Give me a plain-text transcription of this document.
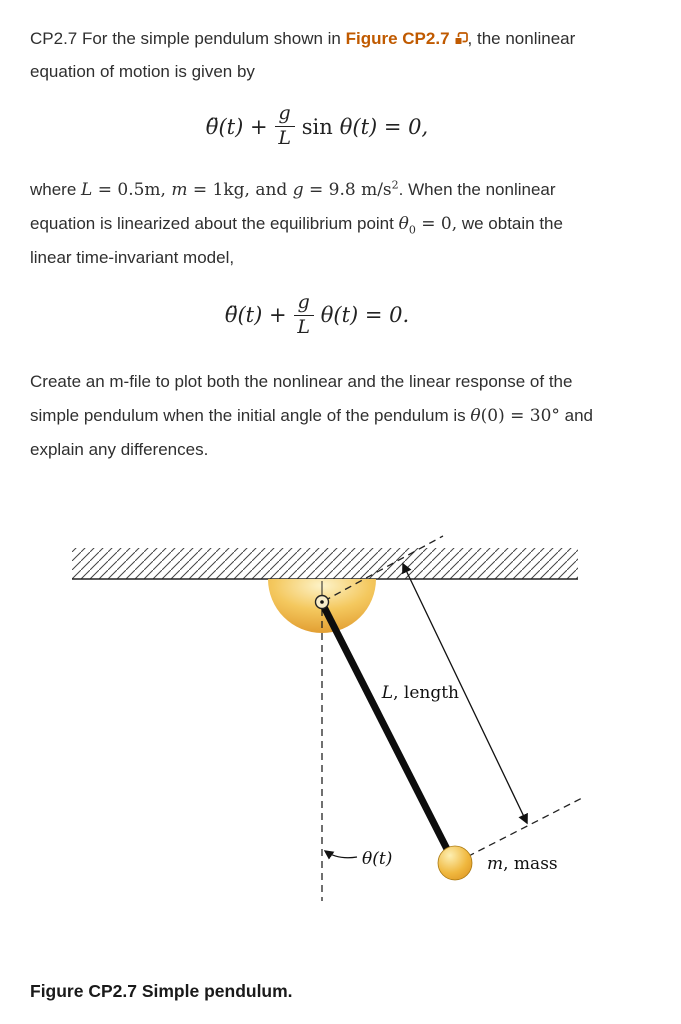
CP2.7 For the simple pendulum shown in Figure CP2.7 , the nonlinear equation of motion is given by

θ̈(t) + $\frac{g}{L}$ sin θ(t) = 0,

where L = 0.5m, m = 1kg, and g = 9.8 $m/s^2$. When the nonlinear equation is linearized about the equilibrium point $\theta_0 = 0$, we obtain the linear time-invariant model,

θ̈(t) + $\frac{g}{L} \theta(t) = 0$.

Create an m-file to plot both the nonlinear and the linear response of the simple pendulum when the initial angle of the pendulum is θ(0) = 30° and explain any differences.

L, length
θ(t)	m, mass
Figure CP2.7 Simple pendulum.
